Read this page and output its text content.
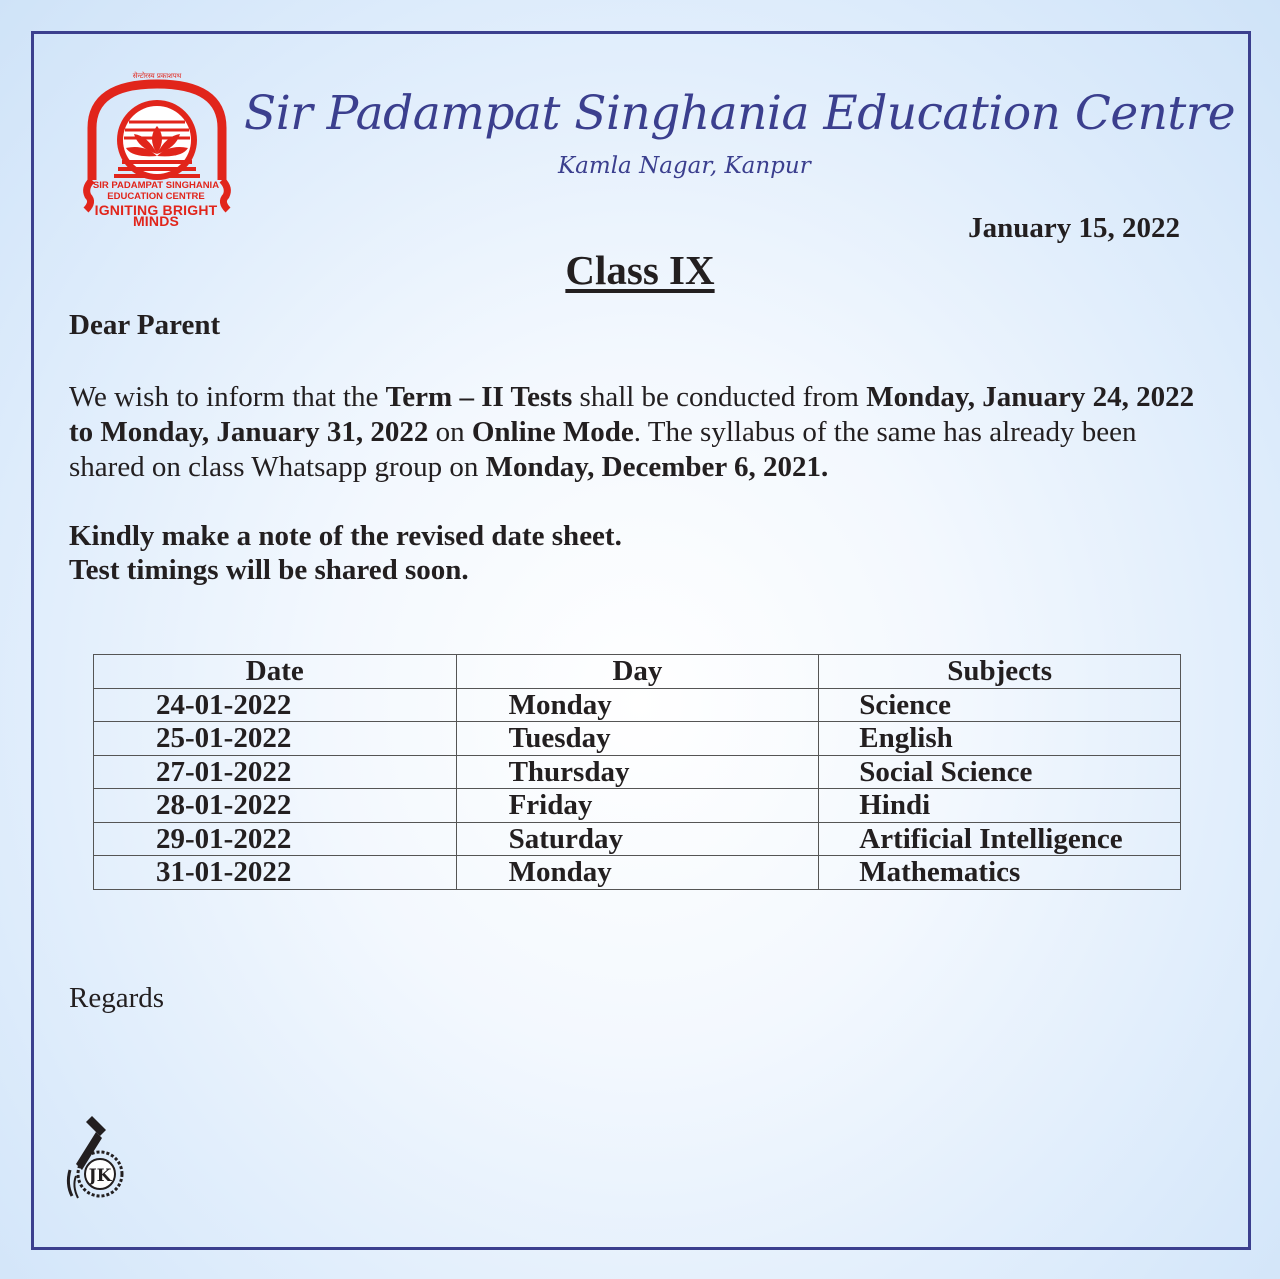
सेन्टोरस्य प्रकाशपथ
SIR PADAMPAT SINGHANIA
EDUCATION CENTRE
IGNITING BRIGHT MINDS
Sir Padampat Singhania Education Centre
Kamla Nagar, Kanpur
January 15, 2022
Class IX
Dear Parent
We wish to inform that the Term – II Tests shall be conducted from Monday, January 24, 2022 to Monday, January 31, 2022 on Online Mode. The syllabus of the same has already been shared on class Whatsapp group on Monday, December 6, 2021.
Kindly make a note of the revised date sheet.
Test timings will be shared soon.
Date	Day	Subjects
24-01-2022	Monday	Science
25-01-2022	Tuesday	English
27-01-2022	Thursday	Social Science
28-01-2022	Friday	Hindi
29-01-2022	Saturday	Artificial Intelligence
31-01-2022	Monday	Mathematics
Regards
JK
